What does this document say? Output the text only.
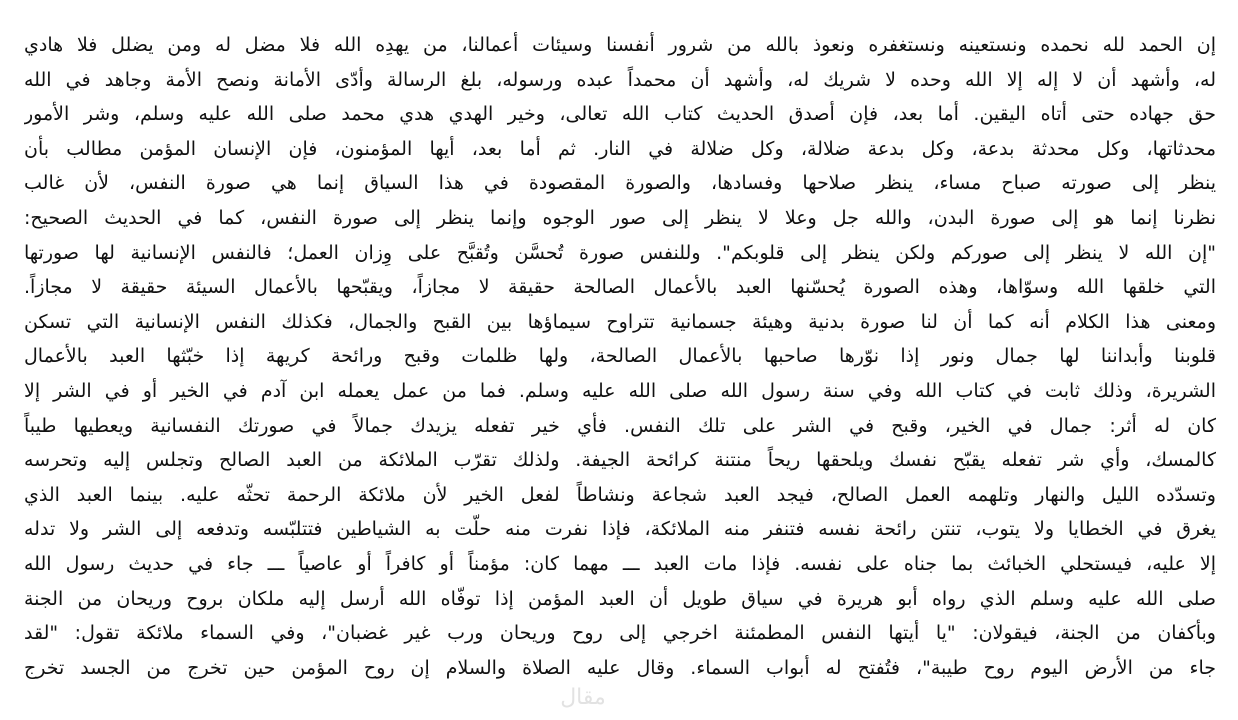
إن الحمد لله نحمده ونستعينه ونستغفره ونعوذ بالله من شرور أنفسنا وسيئات أعمالنا، من يهدِه الله فلا مضل له ومن يضلل فلا هادي
له، وأشهد أن لا إله إلا الله وحده لا شريك له، وأشهد أن محمداً عبده ورسوله، بلغ الرسالة وأدّى الأمانة ونصح الأمة وجاهد في الله
حق جهاده حتى أتاه اليقين. أما بعد، فإن أصدق الحديث كتاب الله تعالى، وخير الهدي هدي محمد صلى الله عليه وسلم، وشر الأمور
محدثاتها، وكل محدثة بدعة، وكل بدعة ضلالة، وكل ضلالة في النار. ثم أما بعد، أيها المؤمنون، فإن الإنسان المؤمن مطالب بأن
ينظر إلى صورته صباح مساء، ينظر صلاحها وفسادها، والصورة المقصودة في هذا السياق إنما هي صورة النفس، لأن غالب
نظرنا إنما هو إلى صورة البدن، والله جل وعلا لا ينظر إلى صور الوجوه وإنما ينظر إلى صورة النفس، كما في الحديث الصحيح:
"إن الله لا ينظر إلى صوركم ولكن ينظر إلى قلوبكم". وللنفس صورة تُحسَّن وتُقبَّح على وِزان العمل؛ فالنفس الإنسانية لها صورتها
التي خلقها الله وسوّاها، وهذه الصورة يُحسّنها العبد بالأعمال الصالحة حقيقة لا مجازاً، ويقبّحها بالأعمال السيئة حقيقة لا مجازاً.
ومعنى هذا الكلام أنه كما أن لنا صورة بدنية وهيئة جسمانية تتراوح سيماؤها بين القبح والجمال، فكذلك النفس الإنسانية التي تسكن
قلوبنا وأبداننا لها جمال ونور إذا نوّرها صاحبها بالأعمال الصالحة، ولها ظلمات وقبح ورائحة كريهة إذا خبّثها العبد بالأعمال
الشريرة، وذلك ثابت في كتاب الله وفي سنة رسول الله صلى الله عليه وسلم. فما من عمل يعمله ابن آدم في الخير أو في الشر إلا
كان له أثر: جمال في الخير، وقبح في الشر على تلك النفس. فأي خير تفعله يزيدك جمالاً في صورتك النفسانية ويعطيها طيباً
كالمسك، وأي شر تفعله يقبّح نفسك ويلحقها ريحاً منتنة كرائحة الجيفة. ولذلك تقرّب الملائكة من العبد الصالح وتجلس إليه وتحرسه
وتسدّده الليل والنهار وتلهمه العمل الصالح، فيجد العبد شجاعة ونشاطاً لفعل الخير لأن ملائكة الرحمة تحثّه عليه. بينما العبد الذي
يغرق في الخطايا ولا يتوب، تنتن رائحة نفسه فتنفر منه الملائكة، فإذا نفرت منه حلّت به الشياطين فتتلبّسه وتدفعه إلى الشر ولا تدله
إلا عليه، فيستحلي الخبائث بما جناه على نفسه. فإذا مات العبد ـــ مهما كان: مؤمناً أو كافراً أو عاصياً ـــ جاء في حديث رسول الله
صلى الله عليه وسلم الذي رواه أبو هريرة في سياق طويل أن العبد المؤمن إذا توفّاه الله أرسل إليه ملكان بروح وريحان من الجنة
وبأكفان من الجنة، فيقولان: "يا أيتها النفس المطمئنة اخرجي إلى روح وريحان ورب غير غضبان"، وفي السماء ملائكة تقول: "لقد
جاء من الأرض اليوم روح طيبة"، فتُفتح له أبواب السماء. وقال عليه الصلاة والسلام إن روح المؤمن حين تخرج من الجسد تخرج
مقال
